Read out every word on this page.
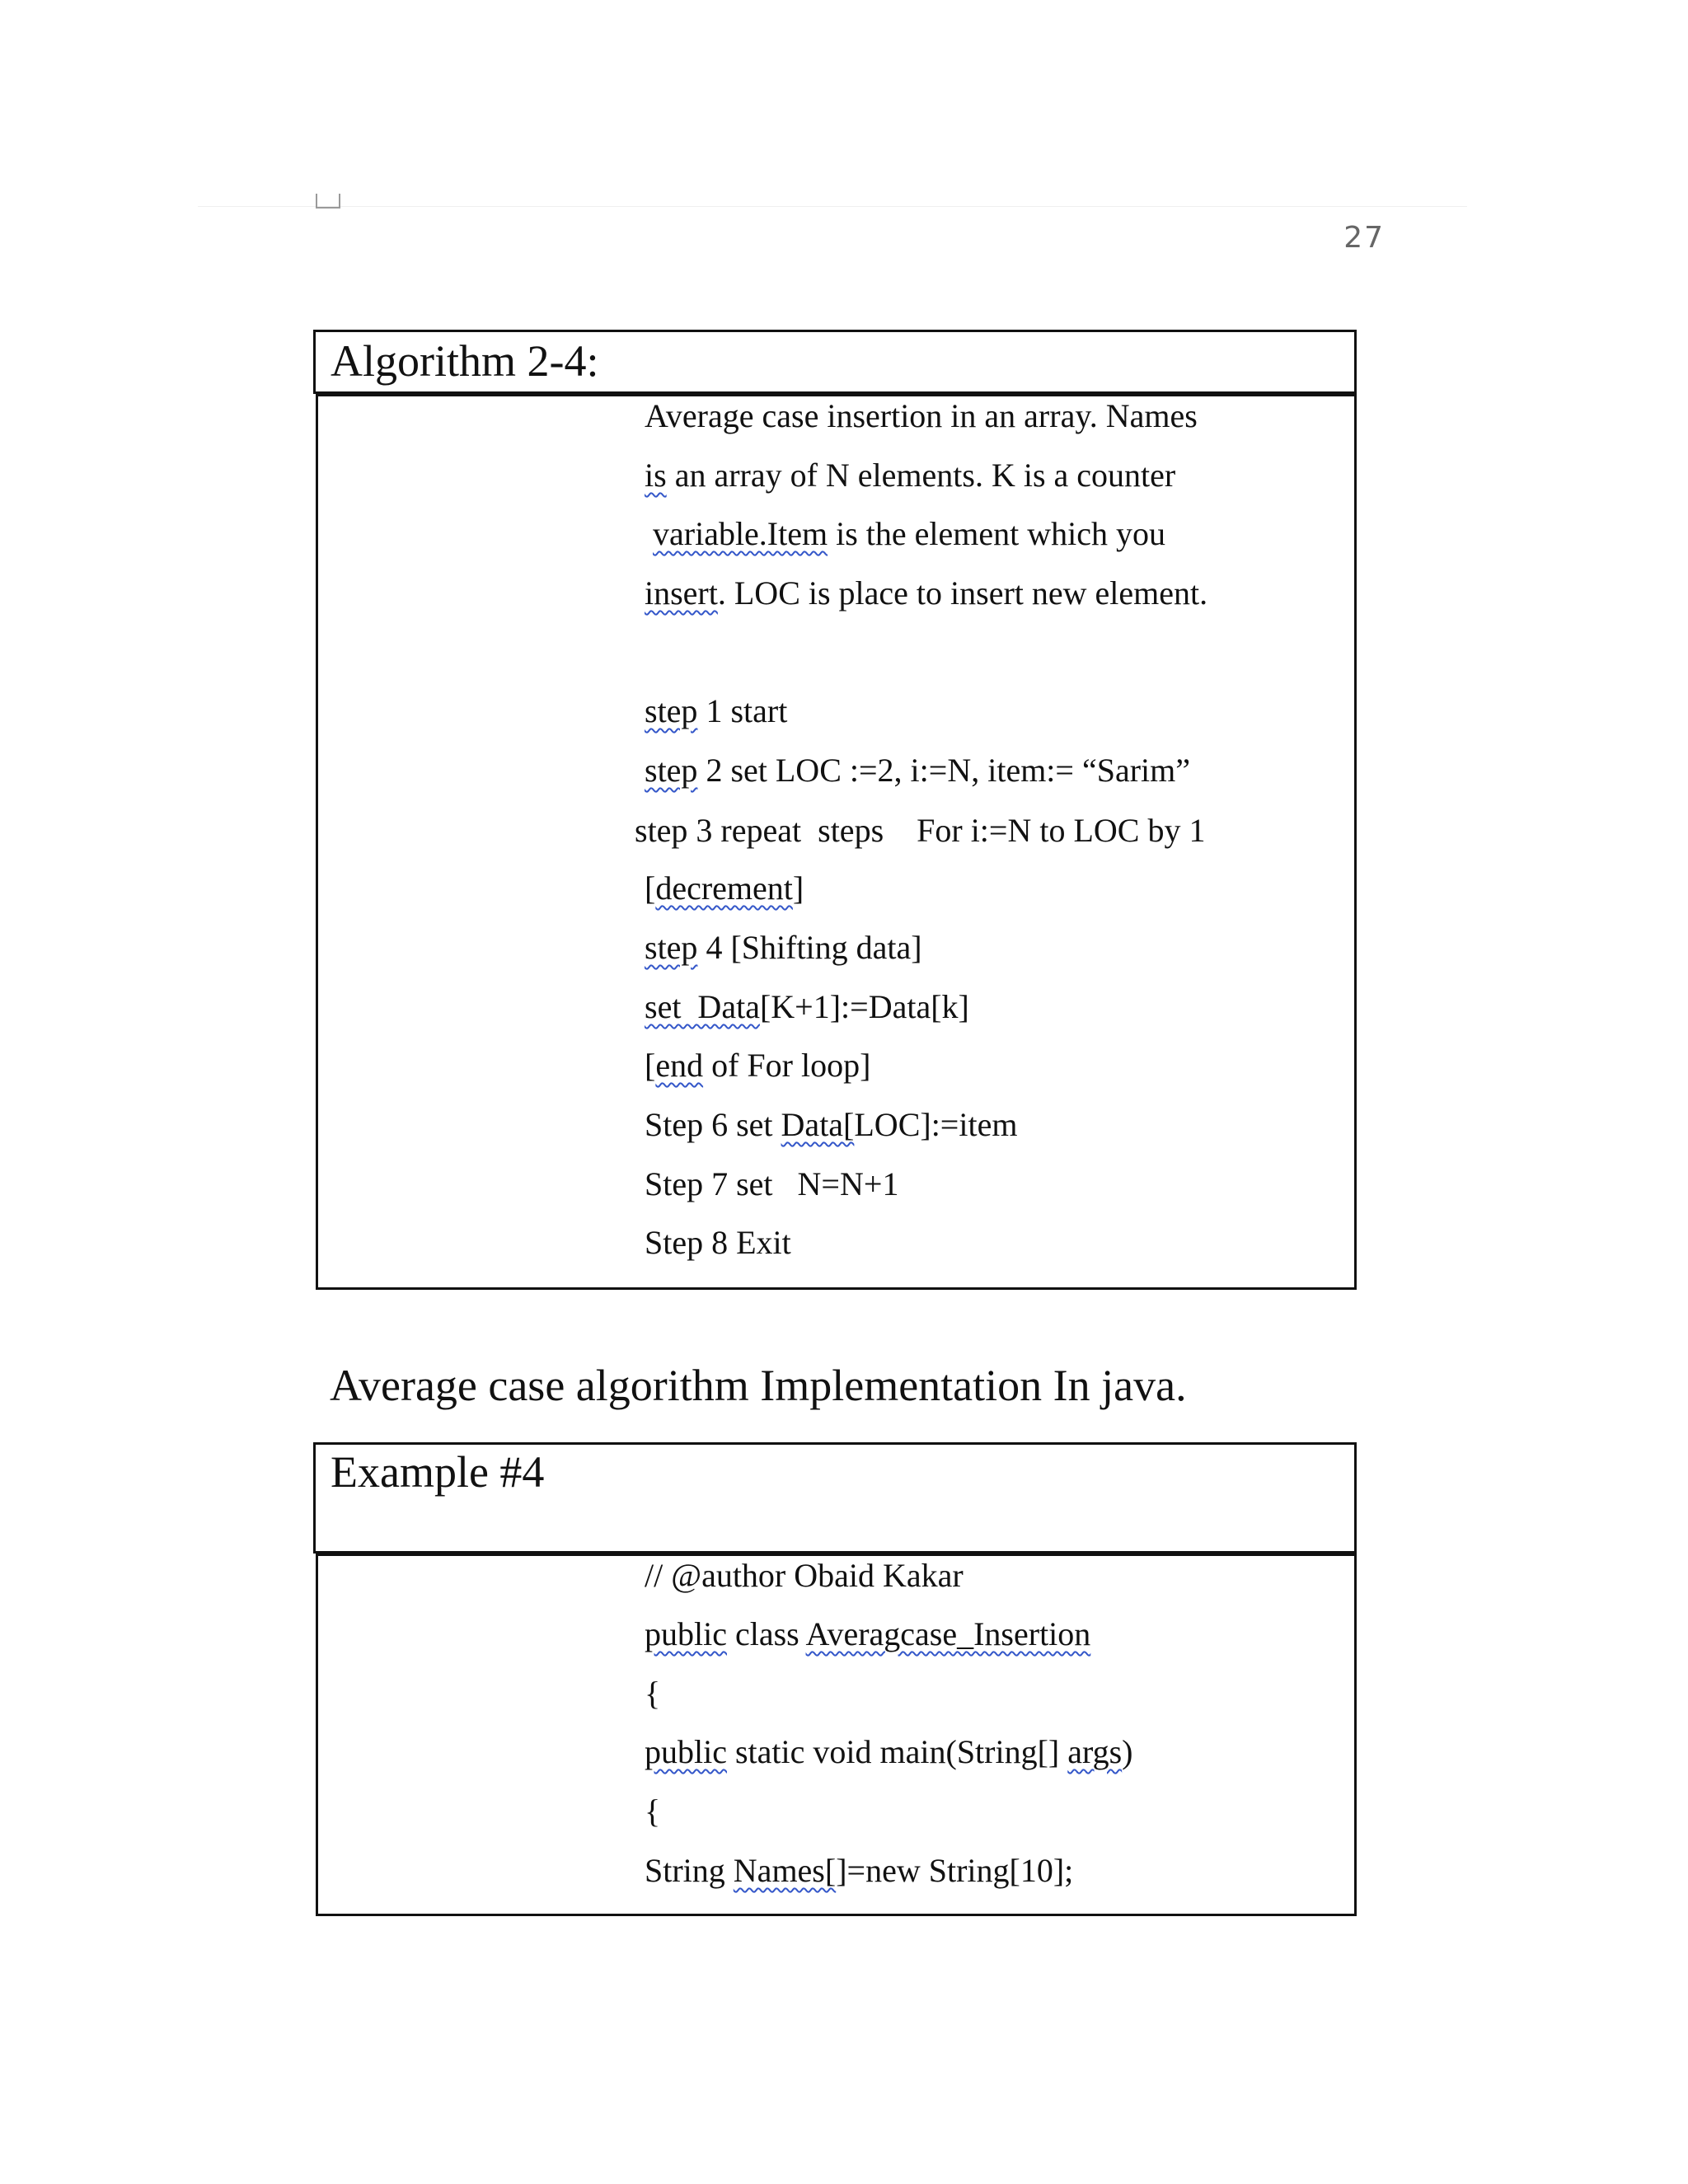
27
Algorithm 2-4:
Average case insertion in an array. Names
is an array of N elements. K is a counter
variable.Item is the element which you
insert. LOC is place to insert new element.
step 1 start
step 2 set LOC :=2, i:=N, item:= “Sarim”
step 3 repeat  steps    For i:=N to LOC by 1
[decrement]
step 4 [Shifting data]
set  Data[K+1]:=Data[k]
[end of For loop]
Step 6 set Data[LOC]:=item
Step 7 set   N=N+1
Step 8 Exit
Average case algorithm Implementation In java.
Example #4
// @author Obaid Kakar
public class Averagcase_Insertion
{
public static void main(String[] args)
{
String Names[]=new String[10];
